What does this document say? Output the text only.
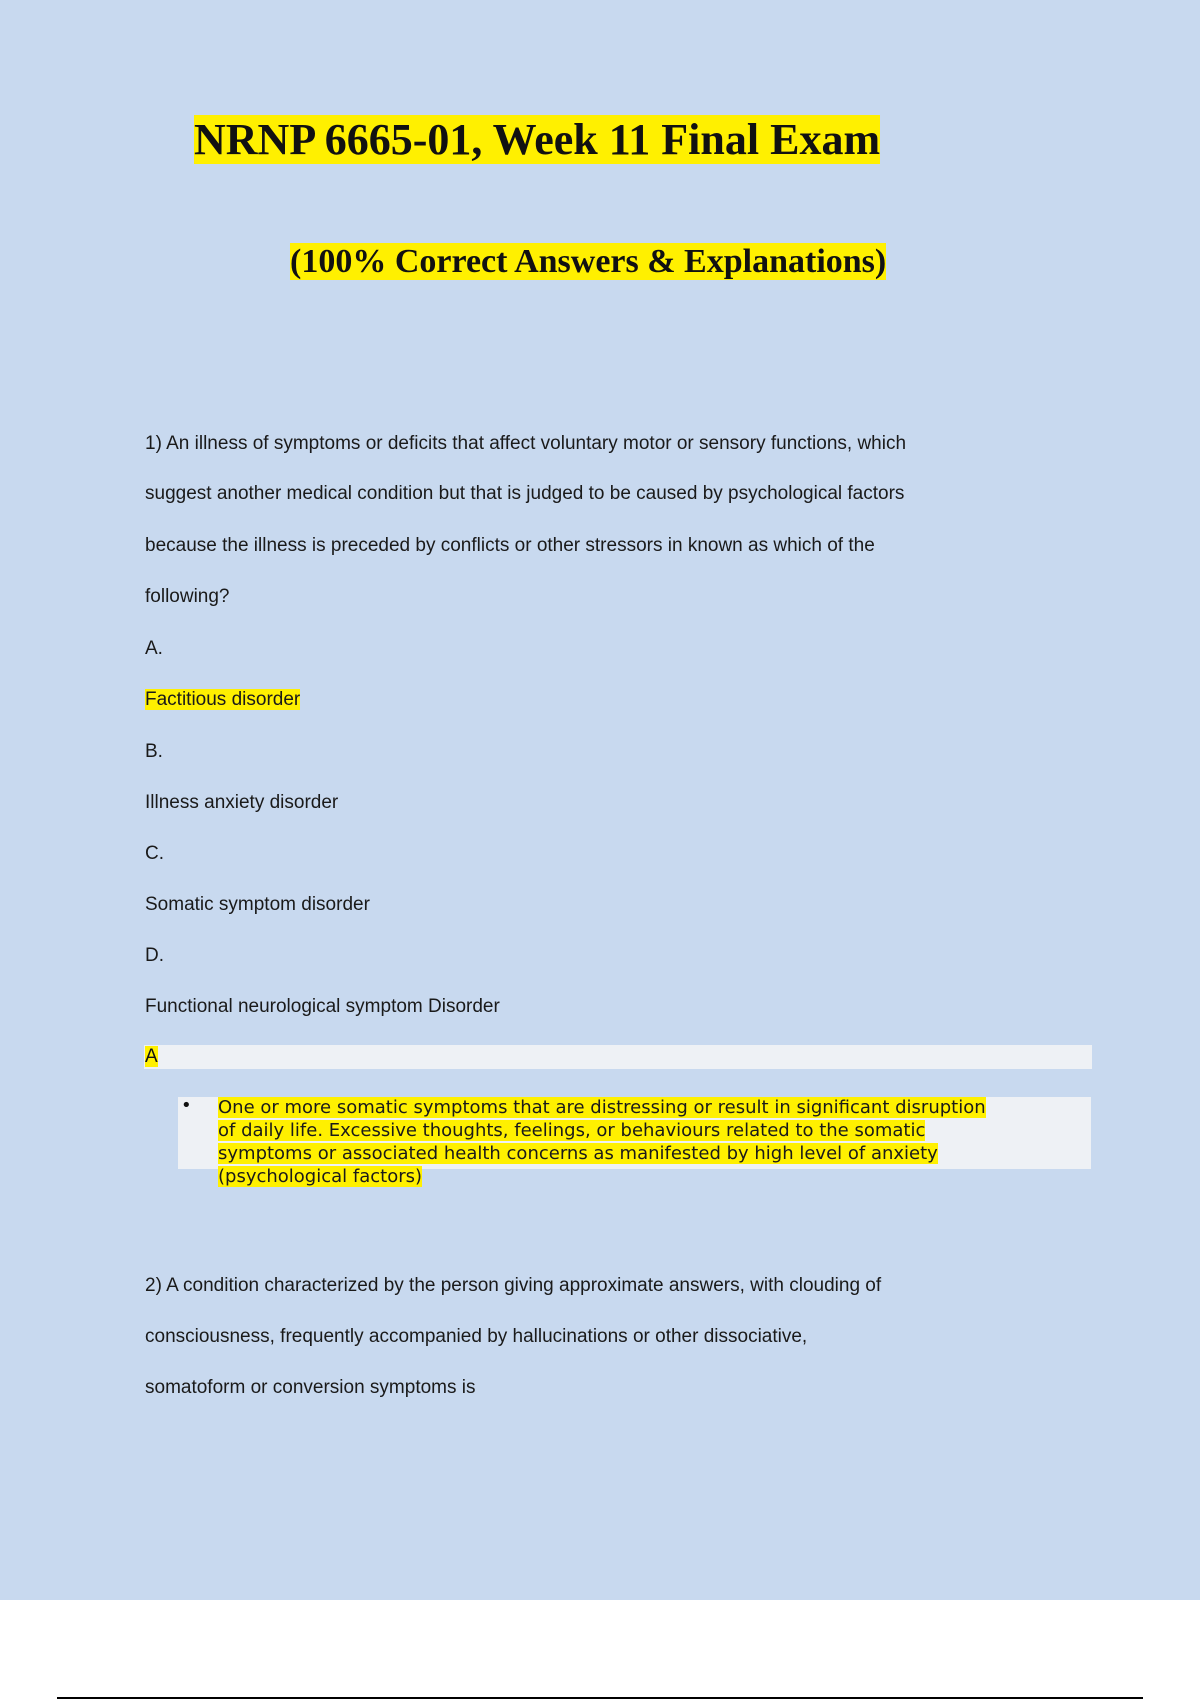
NRNP 6665-01, Week 11 Final Exam
(100% Correct Answers & Explanations)
1) An illness of symptoms or deficits that affect voluntary motor or sensory functions, which
suggest another medical condition but that is judged to be caused by psychological factors
because the illness is preceded by conflicts or other stressors in known as which of the
following?
A.
Factitious disorder
B.
Illness anxiety disorder
C.
Somatic symptom disorder
D.
Functional neurological symptom Disorder
A
• One or more somatic symptoms that are distressing or result in significant disruption
of daily life. Excessive thoughts, feelings, or behaviours related to the somatic
symptoms or associated health concerns as manifested by high level of anxiety
(psychological factors)
2) A condition characterized by the person giving approximate answers, with clouding of
consciousness, frequently accompanied by hallucinations or other dissociative,
somatoform or conversion symptoms is
